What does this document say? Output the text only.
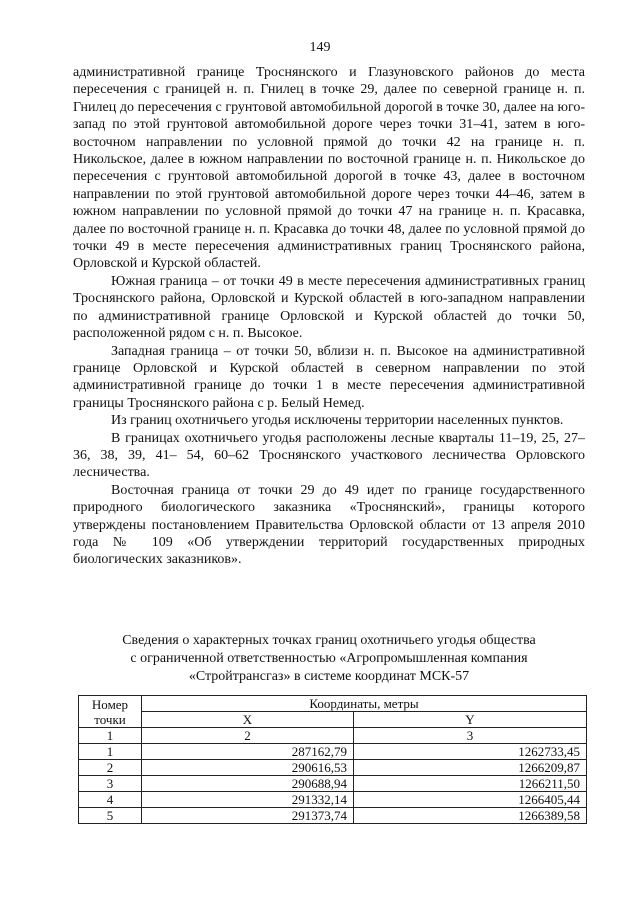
149

административной границе Троснянского и Глазуновского районов до места пересечения с границей н. п. Гнилец в точке 29, далее по северной границе н. п. Гнилец до пересечения с грунтовой автомобильной дорогой в точке 30, далее на юго-запад по этой грунтовой автомобильной дороге через точки 31–41, затем в юго-восточном направлении по условной прямой до точки 42 на границе н. п. Никольское, далее в южном направлении по восточной границе н. п. Никольское до пересечения с грунтовой автомобильной дорогой в точке 43, далее в восточном направлении по этой грунтовой автомобильной дороге через точки 44–46, затем в южном направлении по условной прямой до точки 47 на границе н. п. Красавка, далее по восточной границе н. п. Красавка до точки 48, далее по условной прямой до точки 49 в месте пересечения административных границ Троснянского района, Орловской и Курской областей.

Южная граница – от точки 49 в месте пересечения административных границ Троснянского района, Орловской и Курской областей в юго-западном направлении по административной границе Орловской и Курской областей до точки 50, расположенной рядом с н. п. Высокое.

Западная граница – от точки 50, вблизи н. п. Высокое на административной границе Орловской и Курской областей в северном направлении по этой административной границе до точки 1 в месте пересечения административной границы Троснянского района с р. Белый Немед.

Из границ охотничьего угодья исключены территории населенных пунктов.

В границах охотничьего угодья расположены лесные кварталы 11–19, 25, 27–36, 38, 39, 41– 54, 60–62 Троснянского участкового лесничества Орловского лесничества.

Восточная граница от точки 29 до 49 идет по границе государственного природного биологического заказника «Троснянский», границы которого утверждены постановлением Правительства Орловской области от 13 апреля 2010 года № 109 «Об утверждении территорий государственных природных биологических заказников».

Сведения о характерных точках границ охотничьего угодья общества
с ограниченной ответственностью «Агропромышленная компания
«Стройтрансгаз» в системе координат МСК-57
Номер
точки	Координаты, метры	
	X	Y
1	2	3
1	287162,79	1262733,45
2	290616,53	1266209,87
3	290688,94	1266211,50
4	291332,14	1266405,44
5	291373,74	1266389,58
